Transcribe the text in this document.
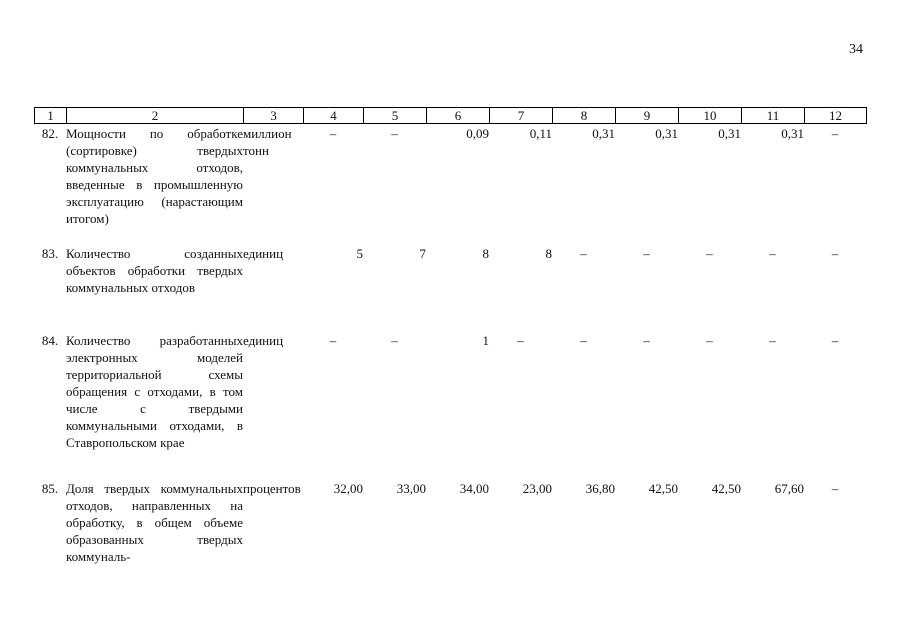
34
1	2	3	4	5	6	7	8	9	10	11	12
82.	Мощности по обработке (сортировке) твердых коммунальных отходов, введенные в промышленную эксплуатацию (нарастающим итогом)	миллион тонн	–	–	0,09	0,11	0,31	0,31	0,31	0,31	–
83.	Количество созданных объектов обработки твердых коммунальных отходов	единиц	5	7	8	8	–	–	–	–	–
84.	Количество разработанных электронных моделей территориальной схемы обращения с отходами, в том числе с твердыми коммунальными отходами, в Ставропольском крае	единиц	–	–	1	–	–	–	–	–	–
85.	Доля твердых коммунальных отходов, направленных на обработку, в общем объеме образованных твердых коммуналь-	процентов	32,00	33,00	34,00	23,00	36,80	42,50	42,50	67,60	–
